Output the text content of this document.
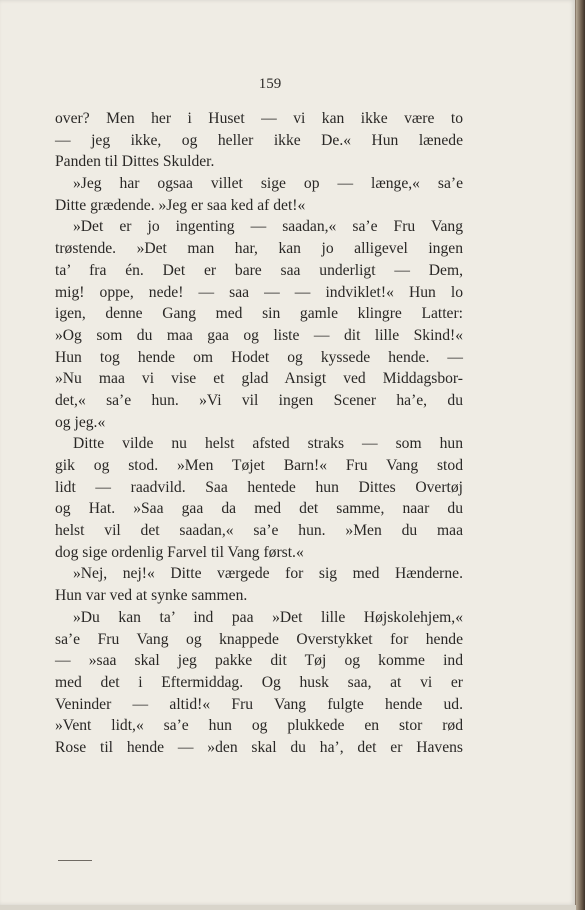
159
over? Men her i Huset — vi kan ikke være to
— jeg ikke, og heller ikke De.« Hun lænede
Panden til Dittes Skulder.
»Jeg har ogsaa villet sige op — længe,« sa’e
Ditte grædende. »Jeg er saa ked af det!«
»Det er jo ingenting — saadan,« sa’e Fru Vang
trøstende. »Det man har, kan jo alligevel ingen
ta’ fra én. Det er bare saa underligt — Dem,
mig! oppe, nede! — saa — — indviklet!« Hun lo
igen, denne Gang med sin gamle klingre Latter:
»Og som du maa gaa og liste — dit lille Skind!«
Hun tog hende om Hodet og kyssede hende. —
»Nu maa vi vise et glad Ansigt ved Middagsbor-
det,« sa’e hun. »Vi vil ingen Scener ha’e, du
og jeg.«
Ditte vilde nu helst afsted straks — som hun
gik og stod. »Men Tøjet Barn!« Fru Vang stod
lidt — raadvild. Saa hentede hun Dittes Overtøj
og Hat. »Saa gaa da med det samme, naar du
helst vil det saadan,« sa’e hun. »Men du maa
dog sige ordenlig Farvel til Vang først.«
»Nej, nej!« Ditte værgede for sig med Hænderne.
Hun var ved at synke sammen.
»Du kan ta’ ind paa »Det lille Højskolehjem,«
sa’e Fru Vang og knappede Overstykket for hende
— »saa skal jeg pakke dit Tøj og komme ind
med det i Eftermiddag. Og husk saa, at vi er
Veninder — altid!« Fru Vang fulgte hende ud.
»Vent lidt,« sa’e hun og plukkede en stor rød
Rose til hende — »den skal du ha’, det er Havens
